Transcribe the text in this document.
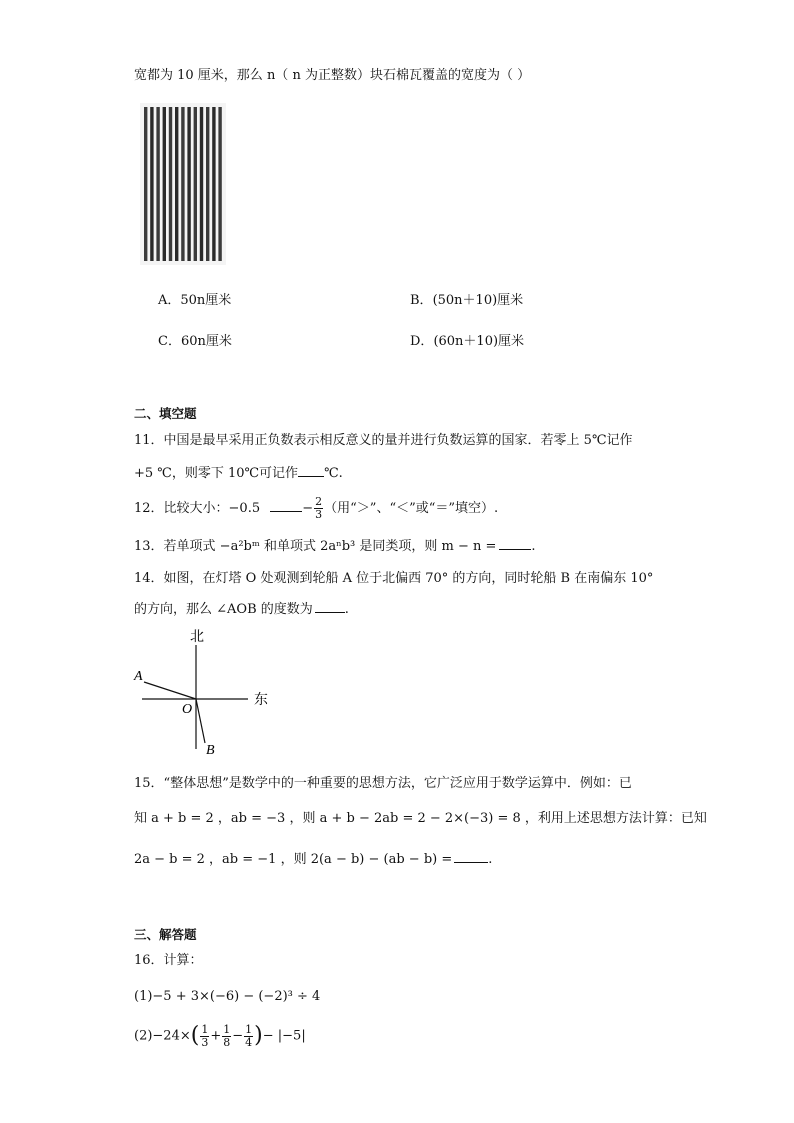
宽都为 10 厘米，那么 n（ n 为正整数）块石棉瓦覆盖的宽度为（ ）
A．50n厘米	B．(50n＋10)厘米
C．60n厘米	D．(60n＋10)厘米
二、填空题
11．中国是最早采用正负数表示相反意义的量并进行负数运算的国家．若零上 5℃记作
+5 ℃，则零下 10℃可记作 ℃.
12．比较大小：−0.5	− $\frac{2}{3}$ （用“＞”、“＜”或“＝”填空）.
13．若单项式 −a²bᵐ 和单项式 2aⁿb³ 是同类项，则 m − n =	.
14．如图，在灯塔 O 处观测到轮船 A 位于北偏西 70° 的方向，同时轮船 B 在南偏东 10°
的方向，那么 ∠AOB 的度数为 .
北
东
A
O
B
15．“整体思想”是数学中的一种重要的思想方法，它广泛应用于数学运算中．例如：已
知 a + b = 2 ，ab = −3 ，则 a + b − 2ab = 2 − 2×(−3) = 8 ，利用上述思想方法计算：已知
2a − b = 2 ，ab = −1 ，则 2(a − b) − (ab − b) =	.
三、解答题
16．计算：
(1)−5 + 3×(−6) − (−2)³ ÷ 4
$(2)-24\times( \frac{1}{3} + \frac{1}{8} - \frac{1}{4}$ )− |−5|
